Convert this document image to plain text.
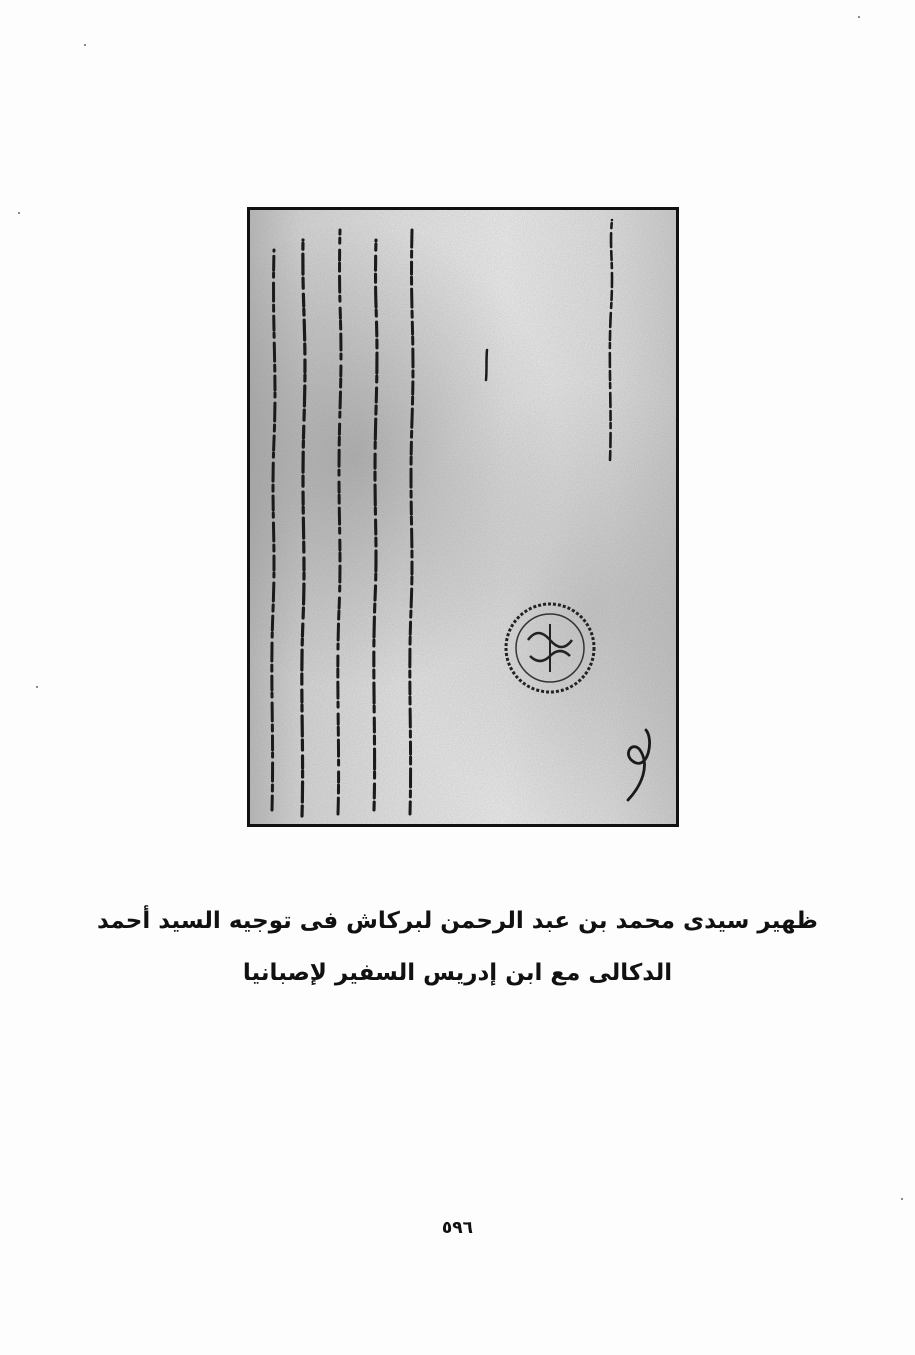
ظهير سيدى محمد بن عبد الرحمن لبركاش فى توجيه السيد أحمد
الدكالى مع ابن إدريس السفير لإصبانيا
٥٩٦
